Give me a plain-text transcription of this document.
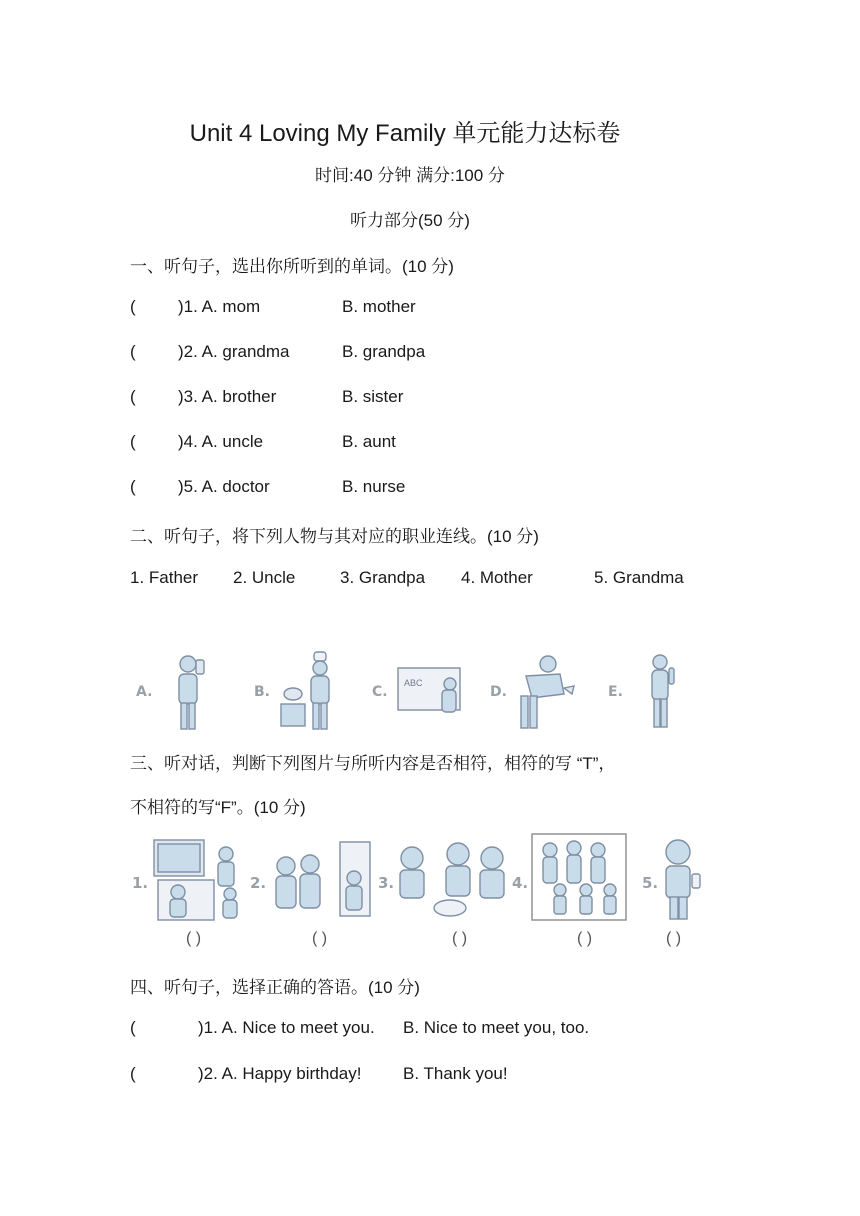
Unit 4 Loving My Family 单元能力达标卷
时间:40 分钟 满分:100 分
听力部分(50 分)
一、听句子，选出你所听到的单词。(10 分)
( )1. A. mom	B. mother
( )2. A. grandma	B. grandpa
( )3. A. brother	B. sister
( )4. A. uncle	B. aunt
( )5. A. doctor	B. nurse
二、听句子，将下列人物与其对应的职业连线。(10 分)
1. Father 2. Uncle	3. Grandpa 4. Mother	5. Grandma
A.	B.	C.
ABC
D.	E.
三、听对话，判断下列图片与所听内容是否相符，相符的写 “T”，
不相符的写“F”。(10 分)
1.	2.	3.	4.	5.
( )	( )	( )	( )	( )
四、听句子，选择正确的答语。(10 分)
(	)1. A. Nice to meet you. B. Nice to meet you, too.
(	)2. A. Happy birthday! B. Thank you!
